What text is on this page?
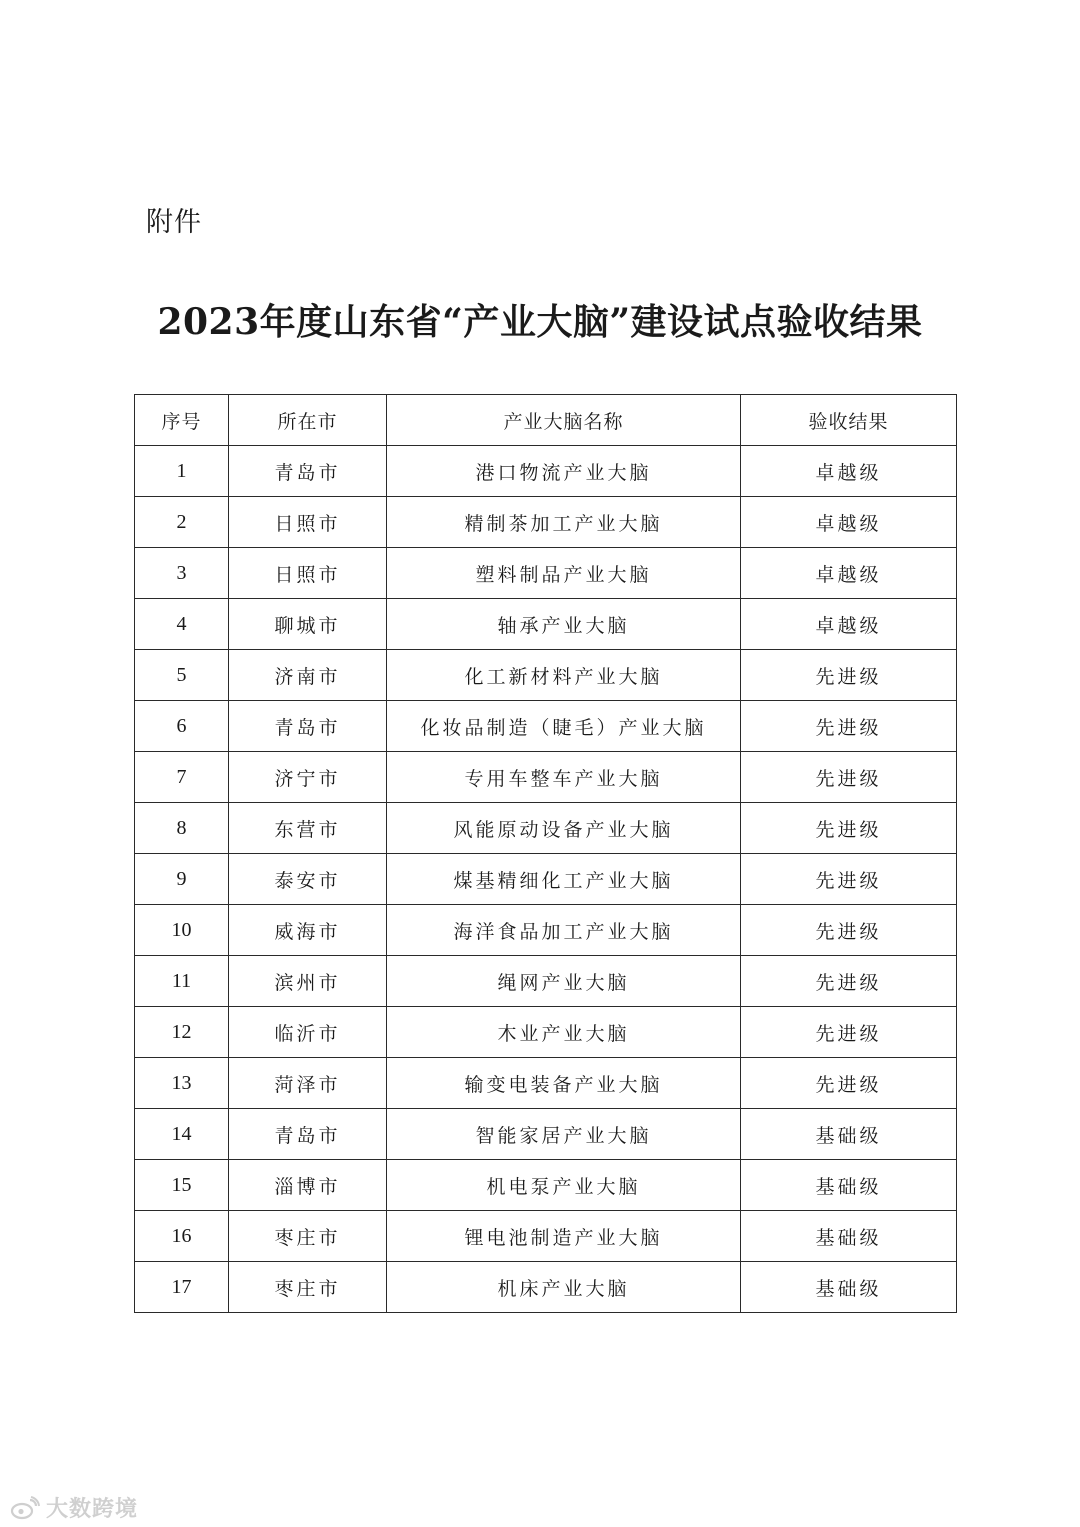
附件
2023年度山东省“产业大脑”建设试点验收结果
序号	所在市	产业大脑名称	验收结果
1	青岛市	港口物流产业大脑	卓越级
2	日照市	精制茶加工产业大脑	卓越级
3	日照市	塑料制品产业大脑	卓越级
4	聊城市	轴承产业大脑	卓越级
5	济南市	化工新材料产业大脑	先进级
6	青岛市	化妆品制造（睫毛）产业大脑	先进级
7	济宁市	专用车整车产业大脑	先进级
8	东营市	风能原动设备产业大脑	先进级
9	泰安市	煤基精细化工产业大脑	先进级
10	威海市	海洋食品加工产业大脑	先进级
11	滨州市	绳网产业大脑	先进级
12	临沂市	木业产业大脑	先进级
13	菏泽市	输变电装备产业大脑	先进级
14	青岛市	智能家居产业大脑	基础级
15	淄博市	机电泵产业大脑	基础级
16	枣庄市	锂电池制造产业大脑	基础级
17	枣庄市	机床产业大脑	基础级
大数跨境
